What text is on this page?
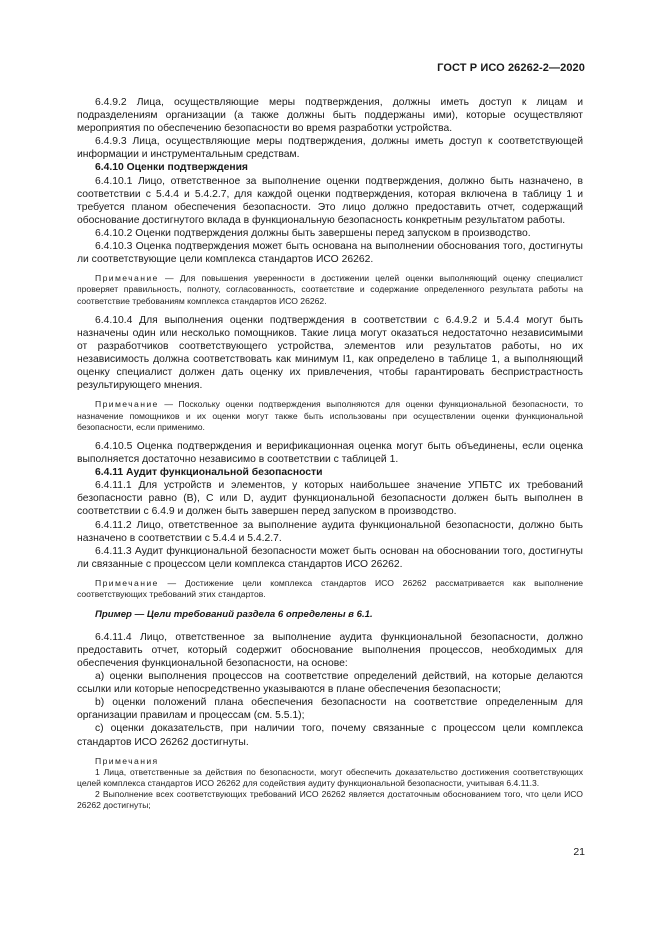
ГОСТ Р ИСО 26262-2—2020

6.4.9.2 Лица, осуществляющие меры подтверждения, должны иметь доступ к лицам и подразделениям организации (а также должны быть поддержаны ими), которые осуществляют мероприятия по обеспечению безопасности во время разработки устройства.

6.4.9.3 Лица, осуществляющие меры подтверждения, должны иметь доступ к соответствующей информации и инструментальным средствам.

6.4.10 Оценки подтверждения

6.4.10.1 Лицо, ответственное за выполнение оценки подтверждения, должно быть назначено, в соответствии с 5.4.4 и 5.4.2.7, для каждой оценки подтверждения, которая включена в таблицу 1 и требуется планом обеспечения безопасности. Это лицо должно предоставить отчет, содержащий обоснование достигнутого вклада в функциональную безопасность конкретным результатом работы.

6.4.10.2 Оценки подтверждения должны быть завершены перед запуском в производство.

6.4.10.3 Оценка подтверждения может быть основана на выполнении обоснования того, достигнуты ли соответствующие цели комплекса стандартов ИСО 26262.

Примечание — Для повышения уверенности в достижении целей оценки выполняющий оценку специалист проверяет правильность, полноту, согласованность, соответствие и содержание определенного результата работы на соответствие требованиям комплекса стандартов ИСО 26262.

6.4.10.4 Для выполнения оценки подтверждения в соответствии с 6.4.9.2 и 5.4.4 могут быть назначены один или несколько помощников. Такие лица могут оказаться недостаточно независимыми от разработчиков соответствующего устройства, элементов или результатов работы, но их независимость должна соответствовать как минимум I1, как определено в таблице 1, а выполняющий оценку специалист должен дать оценку их привлечения, чтобы гарантировать беспристрастность результирующего мнения.

Примечание — Поскольку оценки подтверждения выполняются для оценки функциональной безопасности, то назначение помощников и их оценки могут также быть использованы при осуществлении оценки функциональной безопасности, если применимо.

6.4.10.5 Оценка подтверждения и верификационная оценка могут быть объединены, если оценка выполняется достаточно независимо в соответствии с таблицей 1.

6.4.11 Аудит функциональной безопасности

6.4.11.1 Для устройств и элементов, у которых наибольшее значение УПБТС их требований безопасности равно (В), С или D, аудит функциональной безопасности должен быть выполнен в соответствии с 6.4.9 и должен быть завершен перед запуском в производство.

6.4.11.2 Лицо, ответственное за выполнение аудита функциональной безопасности, должно быть назначено в соответствии с 5.4.4 и 5.4.2.7.

6.4.11.3 Аудит функциональной безопасности может быть основан на обосновании того, достигнуты ли связанные с процессом цели комплекса стандартов ИСО 26262.

Примечание — Достижение цели комплекса стандартов ИСО 26262 рассматривается как выполнение соответствующих требований этих стандартов.

Пример — Цели требований раздела 6 определены в 6.1.

6.4.11.4 Лицо, ответственное за выполнение аудита функциональной безопасности, должно предоставить отчет, который содержит обоснование выполнения процессов, необходимых для обеспечения функциональной безопасности, на основе:

а) оценки выполнения процессов на соответствие определений действий, на которые делаются ссылки или которые непосредственно указываются в плане обеспечения безопасности;

b) оценки положений плана обеспечения безопасности на соответствие определенным для организации правилам и процессам (см. 5.5.1);

с) оценки доказательств, при наличии того, почему связанные с процессом цели комплекса стандартов ИСО 26262 достигнуты.

Примечания

1 Лица, ответственные за действия по безопасности, могут обеспечить доказательство достижения соответствующих целей комплекса стандартов ИСО 26262 для содействия аудиту функциональной безопасности, учитывая 6.4.11.3.

2 Выполнение всех соответствующих требований ИСО 26262 является достаточным обоснованием того, что цели ИСО 26262 достигнуты;

21
